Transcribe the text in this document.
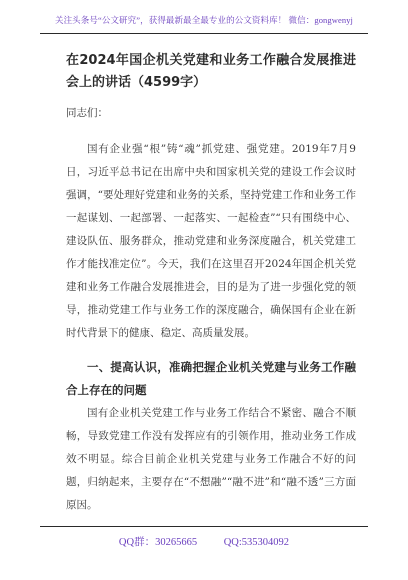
关注头条号“公文研究”，获得最新最全最专业的公文资料库！ 微信：gongwenyj
在2024年国企机关党建和业务工作融合发展推进会上的讲话（4599字）
同志们：

国有企业强“根”铸“魂”抓党建、强党建。2019年7月9日，习近平总书记在出席中央和国家机关党的建设工作会议时强调，“要处理好党建和业务的关系，坚持党建工作和业务工作一起谋划、一起部署、一起落实、一起检查”“只有围绕中心、建设队伍、服务群众，推动党建和业务深度融合，机关党建工作才能找准定位”。今天，我们在这里召开2024年国企机关党建和业务工作融合发展推进会，目的是为了进一步强化党的领导，推动党建工作与业务工作的深度融合，确保国有企业在新时代背景下的健康、稳定、高质量发展。

一、提高认识，准确把握企业机关党建与业务工作融合上存在的问题

国有企业机关党建工作与业务工作结合不紧密、融合不顺畅，导致党建工作没有发挥应有的引领作用，推动业务工作成效不明显。综合目前企业机关党建与业务工作融合不好的问题，归纳起来，主要存在“不想融”“融不进”和“融不透”三方面原因。

QQ群：30265665	QQ:535304092
